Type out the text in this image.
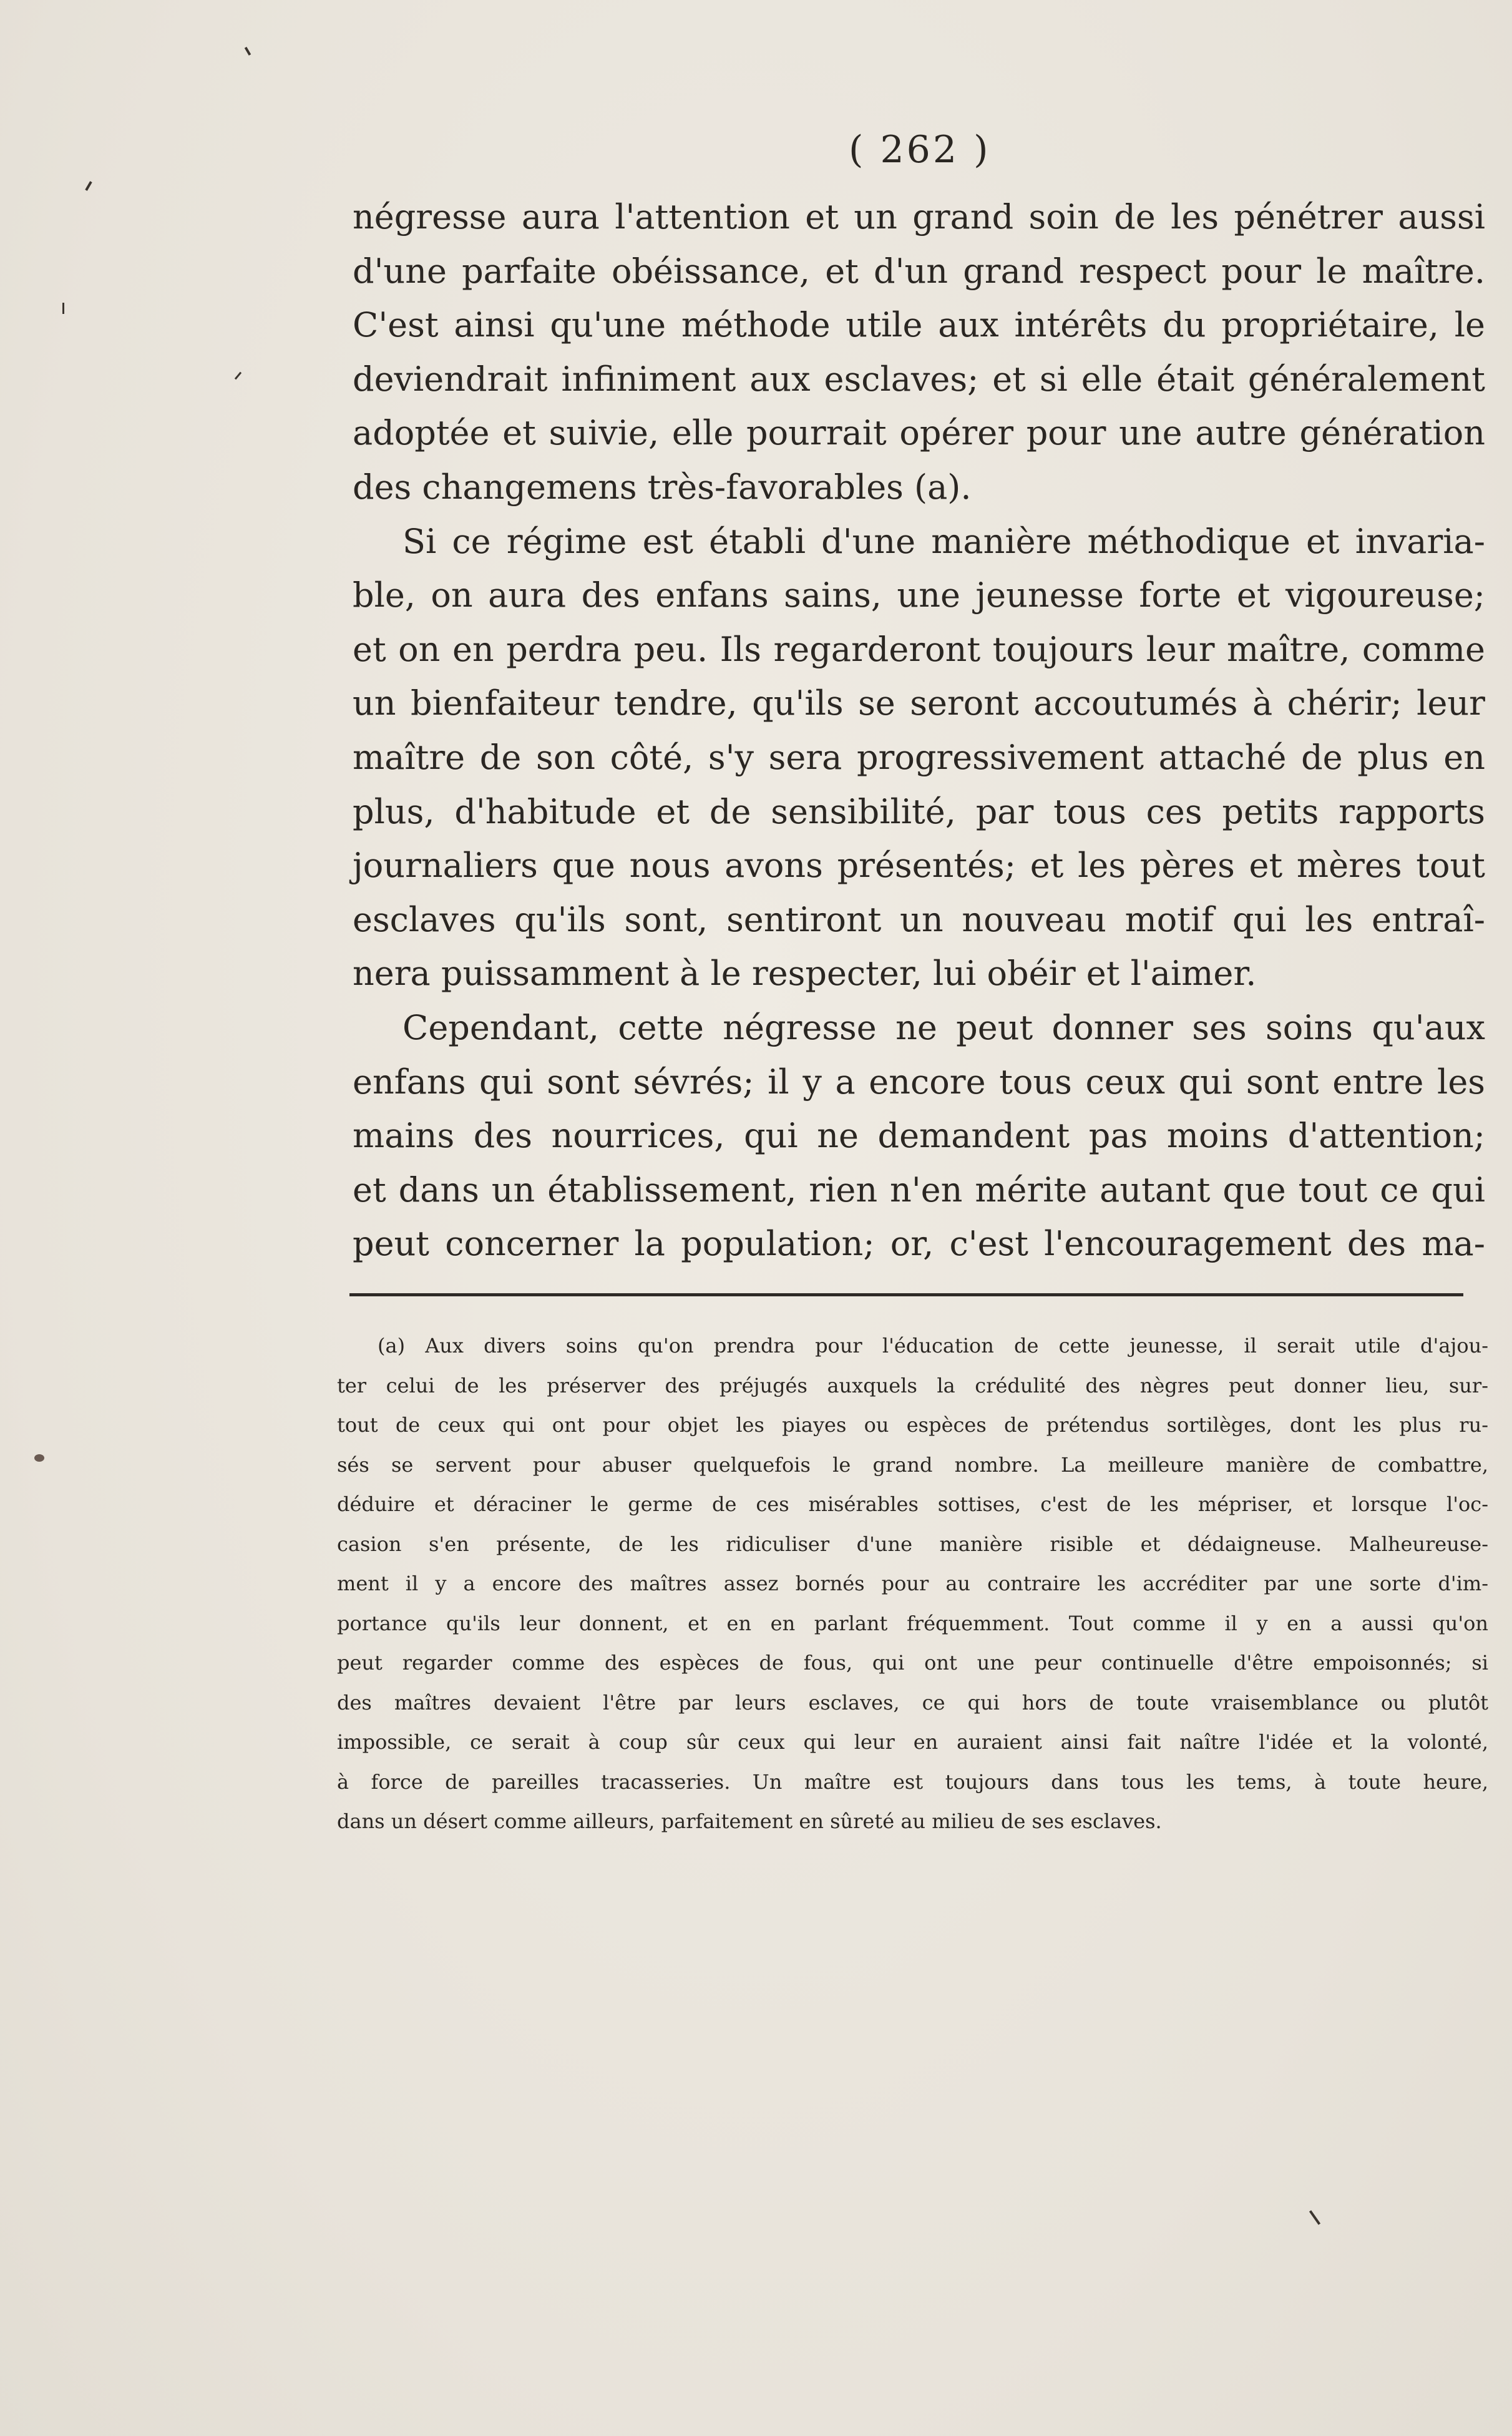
( 262 )
négresse aura l'attention et un grand soin de les pénétrer aussi
d'une parfaite obéissance, et d'un grand respect pour le maître.
C'est ainsi qu'une méthode utile aux intérêts du propriétaire, le
deviendrait infiniment aux esclaves; et si elle était généralement
adoptée et suivie, elle pourrait opérer pour une autre génération
des changemens très-favorables (a).
Si ce régime est établi d'une manière méthodique et invaria-
ble, on aura des enfans sains, une jeunesse forte et vigoureuse;
et on en perdra peu. Ils regarderont toujours leur maître, comme
un bienfaiteur tendre, qu'ils se seront accoutumés à chérir; leur
maître de son côté, s'y sera progressivement attaché de plus en
plus, d'habitude et de sensibilité, par tous ces petits rapports
journaliers que nous avons présentés; et les pères et mères tout
esclaves qu'ils sont, sentiront un nouveau motif qui les entraî-
nera puissamment à le respecter, lui obéir et l'aimer.
Cependant, cette négresse ne peut donner ses soins qu'aux
enfans qui sont sévrés; il y a encore tous ceux qui sont entre les
mains des nourrices, qui ne demandent pas moins d'attention;
et dans un établissement, rien n'en mérite autant que tout ce qui
peut concerner la population; or, c'est l'encouragement des ma-
(a) Aux divers soins qu'on prendra pour l'éducation de cette jeunesse, il serait utile d'ajou-
ter celui de les préserver des préjugés auxquels la crédulité des nègres peut donner lieu, sur-
tout de ceux qui ont pour objet les piayes ou espèces de prétendus sortilèges, dont les plus ru-
sés se servent pour abuser quelquefois le grand nombre. La meilleure manière de combattre,
déduire et déraciner le germe de ces misérables sottises, c'est de les mépriser, et lorsque l'oc-
casion s'en présente, de les ridiculiser d'une manière risible et dédaigneuse. Malheureuse-
ment il y a encore des maîtres assez bornés pour au contraire les accréditer par une sorte d'im-
portance qu'ils leur donnent, et en en parlant fréquemment. Tout comme il y en a aussi qu'on
peut regarder comme des espèces de fous, qui ont une peur continuelle d'être empoisonnés; si
des maîtres devaient l'être par leurs esclaves, ce qui hors de toute vraisemblance ou plutôt
impossible, ce serait à coup sûr ceux qui leur en auraient ainsi fait naître l'idée et la volonté,
à force de pareilles tracasseries. Un maître est toujours dans tous les tems, à toute heure,
dans un désert comme ailleurs, parfaitement en sûreté au milieu de ses esclaves.
